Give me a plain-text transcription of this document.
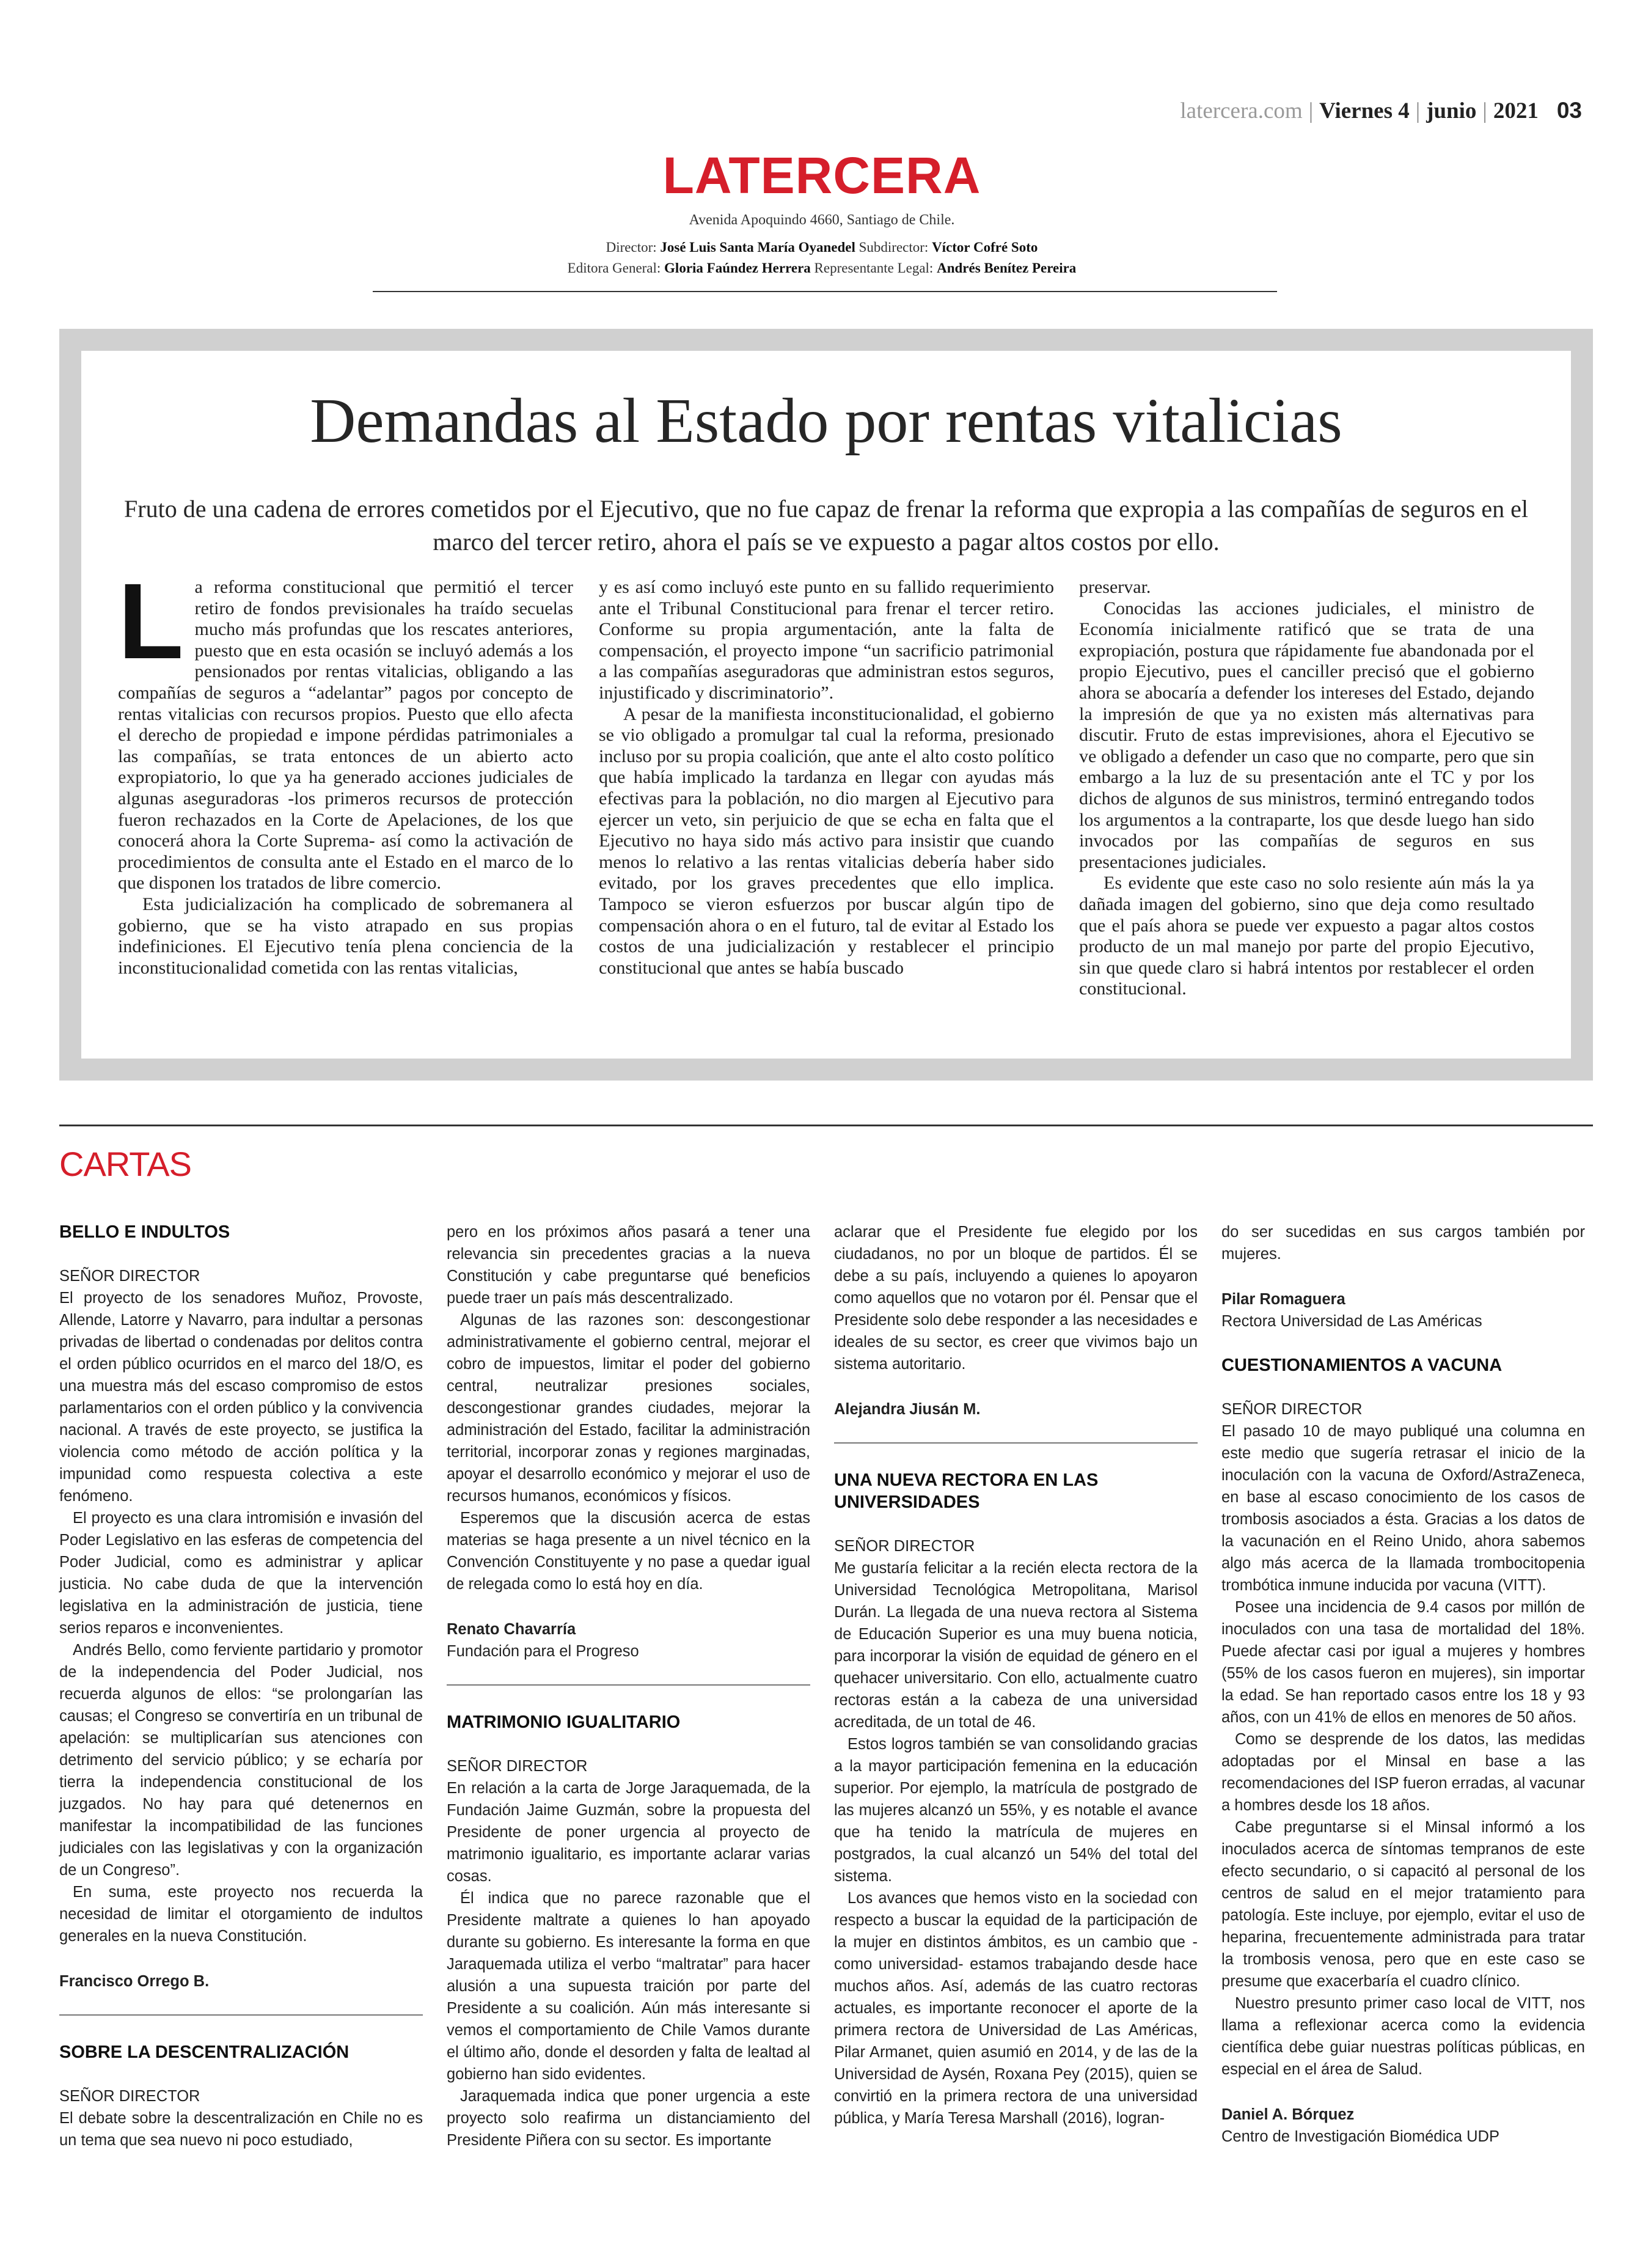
latercera.com | Viernes 4 | junio | 2021 03
LATERCERA
Avenida Apoquindo 4660, Santiago de Chile.
Director: José Luis Santa María Oyanedel Subdirector: Víctor Cofré Soto
Editora General: Gloria Faúndez Herrera Representante Legal: Andrés Benítez Pereira
Demandas al Estado por rentas vitalicias
Fruto de una cadena de errores cometidos por el Ejecutivo, que no fue capaz de frenar la reforma que expropia a las compañías de seguros en el marco del tercer retiro, ahora el país se ve expuesto a pagar altos costos por ello.

La reforma constitucional que permitió el tercer retiro de fondos previsionales ha traído secuelas mucho más profundas que los rescates anteriores, puesto que en esta ocasión se incluyó además a los pensionados por rentas vitalicias, obligando a las compañías de seguros a “adelantar” pagos por concepto de rentas vitalicias con recursos propios. Puesto que ello afecta el derecho de propiedad e impone pérdidas patrimoniales a las compañías, se trata entonces de un abierto acto expropiatorio, lo que ya ha generado acciones judiciales de algunas aseguradoras -los primeros recursos de protección fueron rechazados en la Corte de Apelaciones, de los que conocerá ahora la Corte Suprema- así como la activación de procedimientos de consulta ante el Estado en el marco de lo que disponen los tratados de libre comercio.

Esta judicialización ha complicado de sobremanera al gobierno, que se ha visto atrapado en sus propias indefiniciones. El Ejecutivo tenía plena conciencia de la inconstitucionalidad cometida con las rentas vitalicias,

y es así como incluyó este punto en su fallido requerimiento ante el Tribunal Constitucional para frenar el tercer retiro. Conforme su propia argumentación, ante la falta de compensación, el proyecto impone “un sacrificio patrimonial a las compañías aseguradoras que administran estos seguros, injustificado y discriminatorio”.

A pesar de la manifiesta inconstitucionalidad, el gobierno se vio obligado a promulgar tal cual la reforma, presionado incluso por su propia coalición, que ante el alto costo político que había implicado la tardanza en llegar con ayudas más efectivas para la población, no dio margen al Ejecutivo para ejercer un veto, sin perjuicio de que se echa en falta que el Ejecutivo no haya sido más activo para insistir que cuando menos lo relativo a las rentas vitalicias debería haber sido evitado, por los graves precedentes que ello implica. Tampoco se vieron esfuerzos por buscar algún tipo de compensación ahora o en el futuro, tal de evitar al Estado los costos de una judicialización y restablecer el principio constitucional que antes se había buscado

preservar.

Conocidas las acciones judiciales, el ministro de Economía inicialmente ratificó que se trata de una expropiación, postura que rápidamente fue abandonada por el propio Ejecutivo, pues el canciller precisó que el gobierno ahora se abocaría a defender los intereses del Estado, dejando la impresión de que ya no existen más alternativas para discutir. Fruto de estas imprevisiones, ahora el Ejecutivo se ve obligado a defender un caso que no comparte, pero que sin embargo a la luz de su presentación ante el TC y por los dichos de algunos de sus ministros, terminó entregando todos los argumentos a la contraparte, los que desde luego han sido invocados por las compañías de seguros en sus presentaciones judiciales.

Es evidente que este caso no solo resiente aún más la ya dañada imagen del gobierno, sino que deja como resultado que el país ahora se puede ver expuesto a pagar altos costos producto de un mal manejo por parte del propio Ejecutivo, sin que quede claro si habrá intentos por restablecer el orden constitucional.

CARTAS
BELLO E INDULTOS
SEÑOR DIRECTOR

El proyecto de los senadores Muñoz, Provoste, Allende, Latorre y Navarro, para indultar a personas privadas de libertad o condenadas por delitos contra el orden público ocurridos en el marco del 18/O, es una muestra más del escaso compromiso de estos parlamentarios con el orden público y la convivencia nacional. A través de este proyecto, se justifica la violencia como método de acción política y la impunidad como respuesta colectiva a este fenómeno.

El proyecto es una clara intromisión e invasión del Poder Legislativo en las esferas de competencia del Poder Judicial, como es administrar y aplicar justicia. No cabe duda de que la intervención legislativa en la administración de justicia, tiene serios reparos e inconvenientes.

Andrés Bello, como ferviente partidario y promotor de la independencia del Poder Judicial, nos recuerda algunos de ellos: “se prolongarían las causas; el Congreso se convertiría en un tribunal de apelación: se multiplicarían sus atenciones con detrimento del servicio público; y se echaría por tierra la independencia constitucional de los juzgados. No hay para qué detenernos en manifestar la incompatibilidad de las funciones judiciales con las legislativas y con la organización de un Congreso”.

En suma, este proyecto nos recuerda la necesidad de limitar el otorgamiento de indultos generales en la nueva Constitución.

Francisco Orrego B.
SOBRE LA DESCENTRALIZACIÓN
SEÑOR DIRECTOR

El debate sobre la descentralización en Chile no es un tema que sea nuevo ni poco estudiado,

pero en los próximos años pasará a tener una relevancia sin precedentes gracias a la nueva Constitución y cabe preguntarse qué beneficios puede traer un país más descentralizado.

Algunas de las razones son: descongestionar administrativamente el gobierno central, mejorar el cobro de impuestos, limitar el poder del gobierno central, neutralizar presiones sociales, descongestionar grandes ciudades, mejorar la administración del Estado, facilitar la administración territorial, incorporar zonas y regiones marginadas, apoyar el desarrollo económico y mejorar el uso de recursos humanos, económicos y físicos.

Esperemos que la discusión acerca de estas materias se haga presente a un nivel técnico en la Convención Constituyente y no pase a quedar igual de relegada como lo está hoy en día.

Renato Chavarría
Fundación para el Progreso
MATRIMONIO IGUALITARIO
SEÑOR DIRECTOR

En relación a la carta de Jorge Jaraquemada, de la Fundación Jaime Guzmán, sobre la propuesta del Presidente de poner urgencia al proyecto de matrimonio igualitario, es importante aclarar varias cosas.

Él indica que no parece razonable que el Presidente maltrate a quienes lo han apoyado durante su gobierno. Es interesante la forma en que Jaraquemada utiliza el verbo “maltratar” para hacer alusión a una supuesta traición por parte del Presidente a su coalición. Aún más interesante si vemos el comportamiento de Chile Vamos durante el último año, donde el desorden y falta de lealtad al gobierno han sido evidentes.

Jaraquemada indica que poner urgencia a este proyecto solo reafirma un distanciamiento del Presidente Piñera con su sector. Es importante

aclarar que el Presidente fue elegido por los ciudadanos, no por un bloque de partidos. Él se debe a su país, incluyendo a quienes lo apoyaron como aquellos que no votaron por él. Pensar que el Presidente solo debe responder a las necesidades e ideales de su sector, es creer que vivimos bajo un sistema autoritario.

Alejandra Jiusán M.
UNA NUEVA RECTORA EN LAS UNIVERSIDADES
SEÑOR DIRECTOR

Me gustaría felicitar a la recién electa rectora de la Universidad Tecnológica Metropolitana, Marisol Durán. La llegada de una nueva rectora al Sistema de Educación Superior es una muy buena noticia, para incorporar la visión de equidad de género en el quehacer universitario. Con ello, actualmente cuatro rectoras están a la cabeza de una universidad acreditada, de un total de 46.

Estos logros también se van consolidando gracias a la mayor participación femenina en la educación superior. Por ejemplo, la matrícula de postgrado de las mujeres alcanzó un 55%, y es notable el avance que ha tenido la matrícula de mujeres en postgrados, la cual alcanzó un 54% del total del sistema.

Los avances que hemos visto en la sociedad con respecto a buscar la equidad de la participación de la mujer en distintos ámbitos, es un cambio que -como universidad- estamos trabajando desde hace muchos años. Así, además de las cuatro rectoras actuales, es importante reconocer el aporte de la primera rectora de Universidad de Las Américas, Pilar Armanet, quien asumió en 2014, y de las de la Universidad de Aysén, Roxana Pey (2015), quien se convirtió en la primera rectora de una universidad pública, y María Teresa Marshall (2016), logran-

do ser sucedidas en sus cargos también por mujeres.

Pilar Romaguera
Rectora Universidad de Las Américas
CUESTIONAMIENTOS A VACUNA
SEÑOR DIRECTOR

El pasado 10 de mayo publiqué una columna en este medio que sugería retrasar el inicio de la inoculación con la vacuna de Oxford/AstraZeneca, en base al escaso conocimiento de los casos de trombosis asociados a ésta. Gracias a los datos de la vacunación en el Reino Unido, ahora sabemos algo más acerca de la llamada trombocitopenia trombótica inmune inducida por vacuna (VITT).

Posee una incidencia de 9.4 casos por millón de inoculados con una tasa de mortalidad del 18%. Puede afectar casi por igual a mujeres y hombres (55% de los casos fueron en mujeres), sin importar la edad. Se han reportado casos entre los 18 y 93 años, con un 41% de ellos en menores de 50 años.

Como se desprende de los datos, las medidas adoptadas por el Minsal en base a las recomendaciones del ISP fueron erradas, al vacunar a hombres desde los 18 años.

Cabe preguntarse si el Minsal informó a los inoculados acerca de síntomas tempranos de este efecto secundario, o si capacitó al personal de los centros de salud en el mejor tratamiento para patología. Este incluye, por ejemplo, evitar el uso de heparina, frecuentemente administrada para tratar la trombosis venosa, pero que en este caso se presume que exacerbaría el cuadro clínico.

Nuestro presunto primer caso local de VITT, nos llama a reflexionar acerca como la evidencia científica debe guiar nuestras políticas públicas, en especial en el área de Salud.

Daniel A. Bórquez
Centro de Investigación Biomédica UDP
